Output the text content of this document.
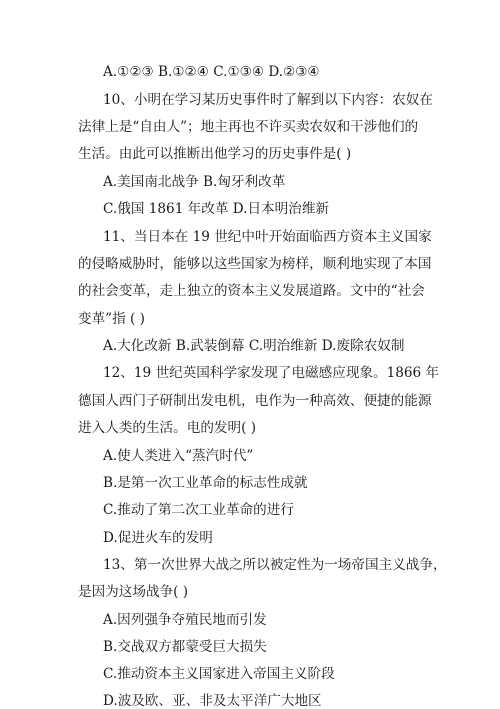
A.①②③ B.①②④ C.①③④ D.②③④
10、小明在学习某历史事件时了解到以下内容：农奴在
法律上是“自由人”；地主再也不许买卖农奴和干涉他们的
生活。由此可以推断出他学习的历史事件是( )
A.美国南北战争 B.匈牙利改革
C.俄国 1861 年改革 D.日本明治维新
11、当日本在 19 世纪中叶开始面临西方资本主义国家
的侵略威胁时，能够以这些国家为榜样，顺利地实现了本国
的社会变革，走上独立的资本主义发展道路。文中的“社会
变革”指 ( )
A.大化改新 B.武装倒幕 C.明治维新 D.废除农奴制
12、19 世纪英国科学家发现了电磁感应现象。1866 年
德国人西门子研制出发电机，电作为一种高效、便捷的能源
进入人类的生活。电的发明( )
A.使人类进入“蒸汽时代”
B.是第一次工业革命的标志性成就
C.推动了第二次工业革命的进行
D.促进火车的发明
13、第一次世界大战之所以被定性为一场帝国主义战争，
是因为这场战争( )
A.因列强争夺殖民地而引发
B.交战双方都蒙受巨大损失
C.推动资本主义国家进入帝国主义阶段
D.波及欧、亚、非及太平洋广大地区
